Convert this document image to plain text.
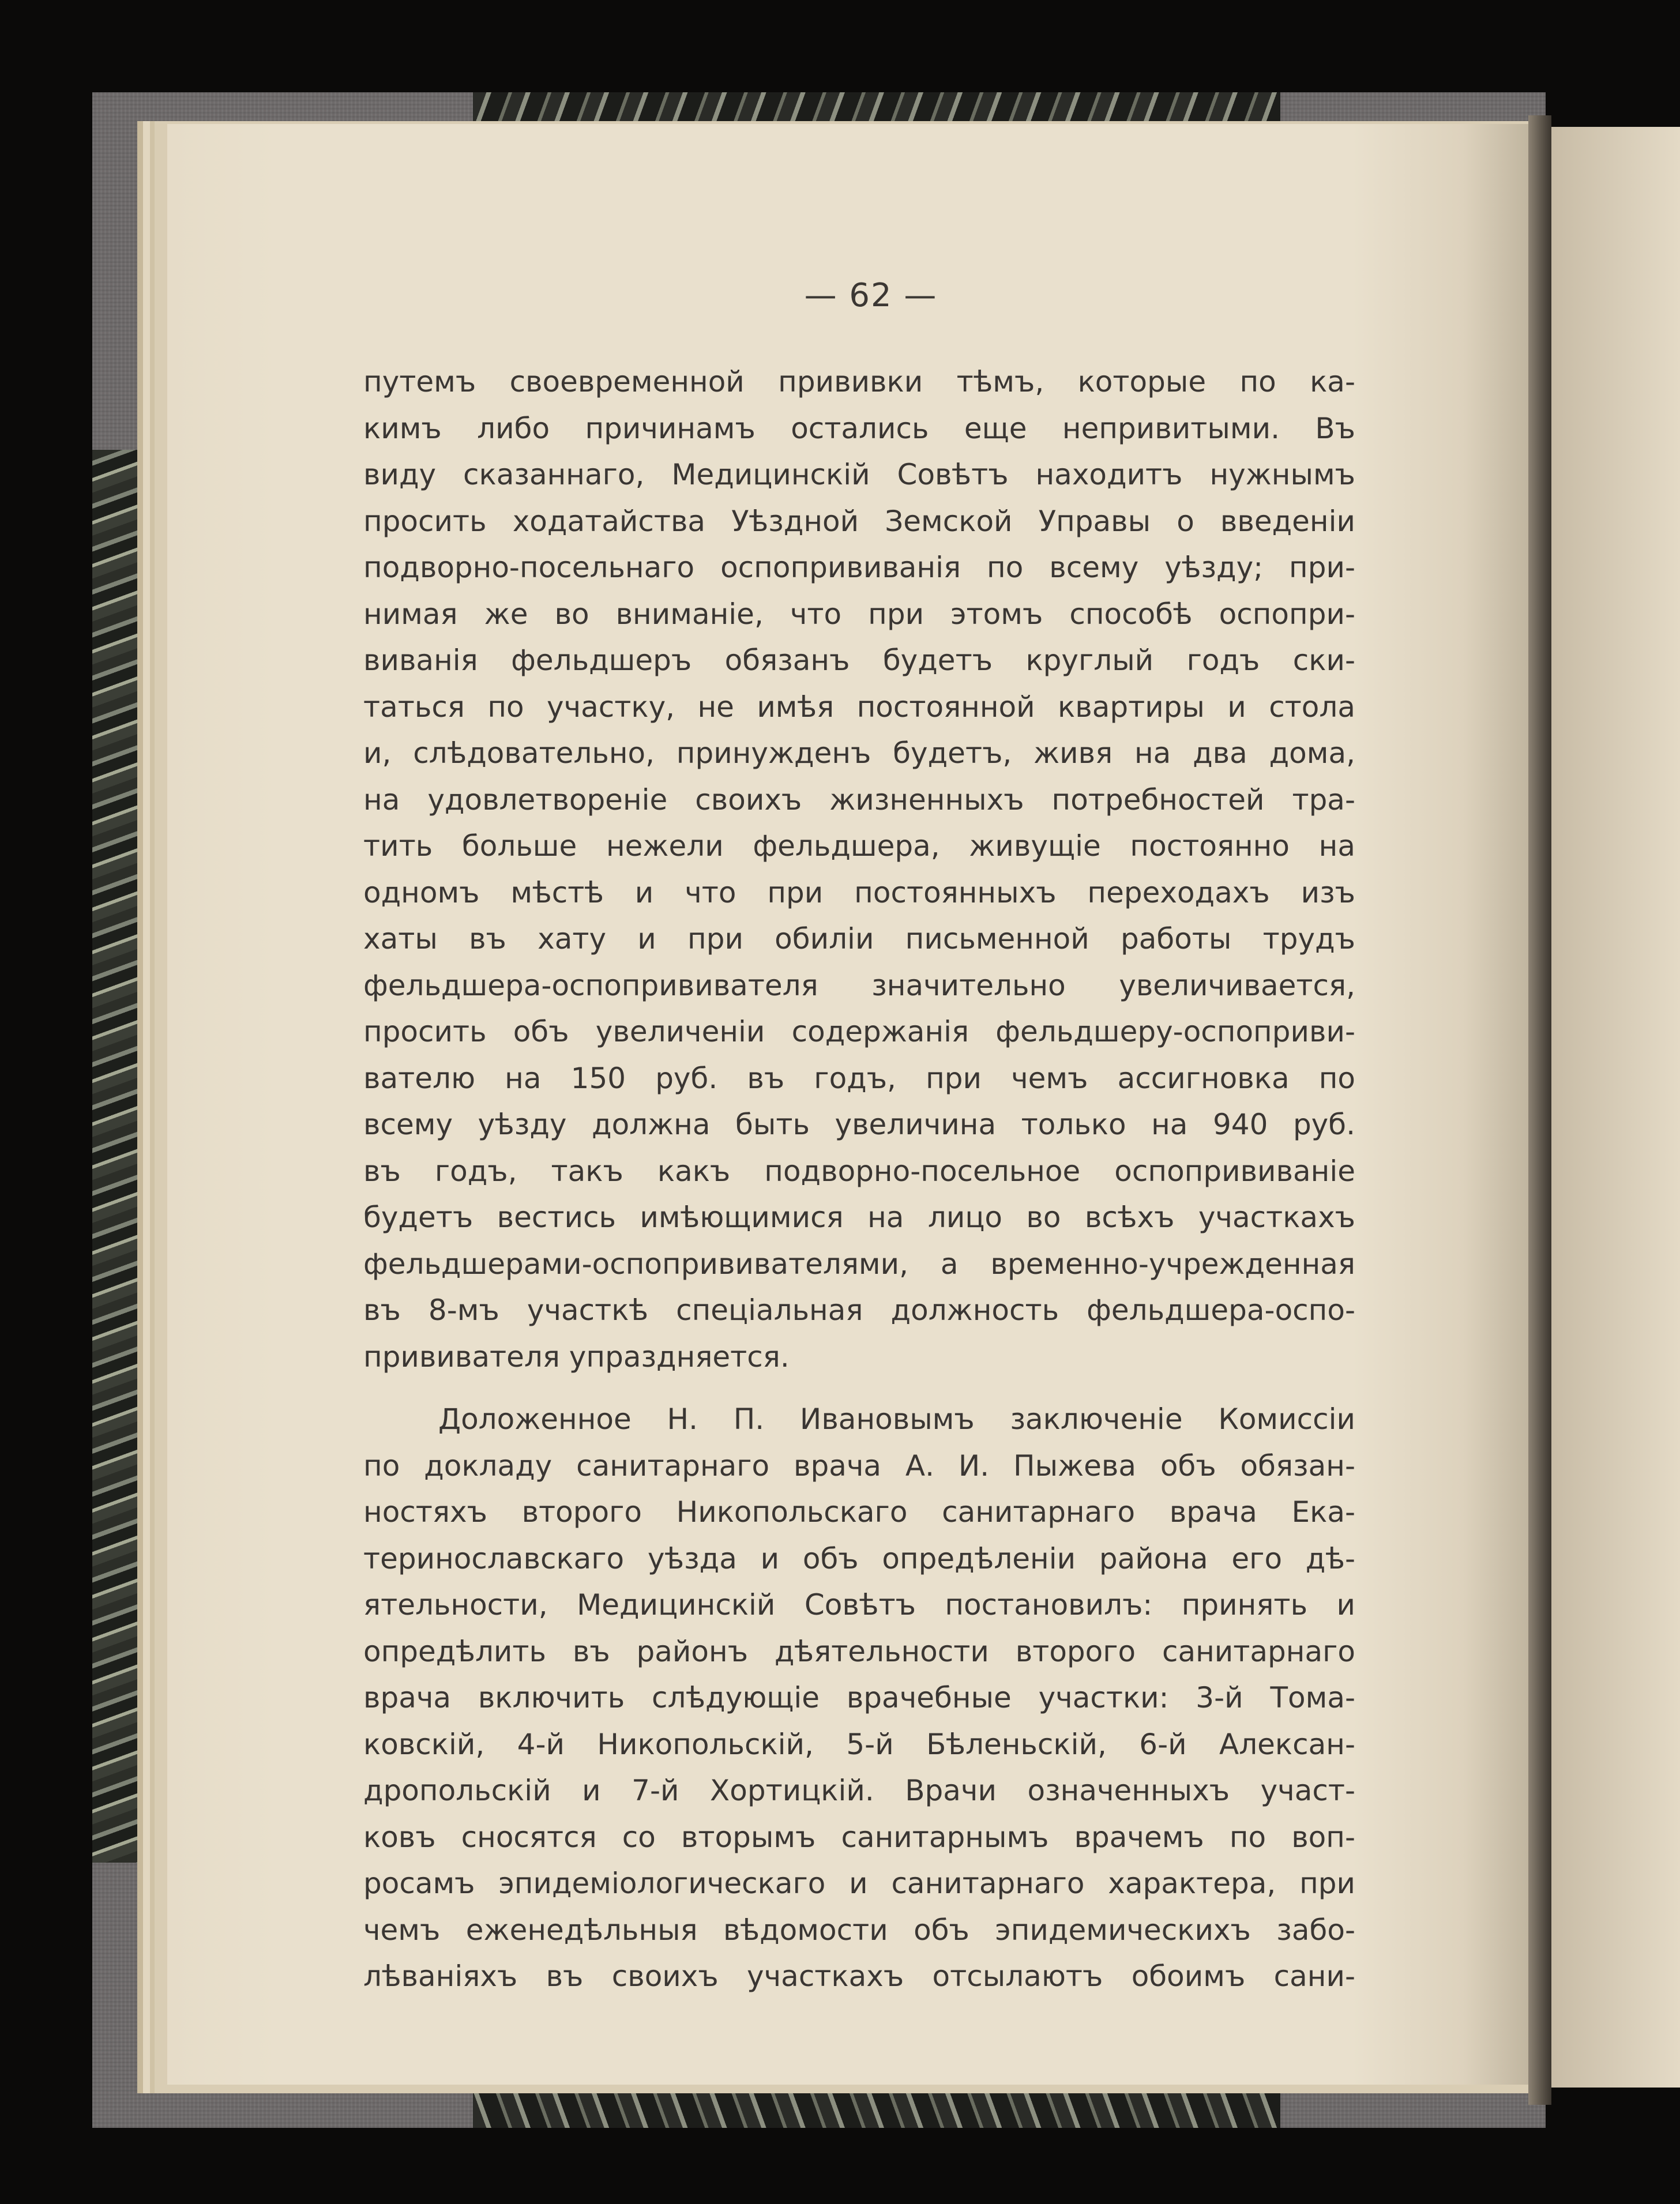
— 62 —
путемъ своевременной прививки тѣмъ, которые по ка-
кимъ либо причинамъ остались еще непривитыми. Въ
виду сказаннаго, Медицинскій Совѣтъ находитъ нужнымъ
просить ходатайства Уѣздной Земской Управы о введеніи
подворно-посельнаго оспопрививанія по всему уѣзду; при-
нимая же во вниманіе, что при этомъ способѣ оспопри-
виванія фельдшеръ обязанъ будетъ круглый годъ ски-
таться по участку, не имѣя постоянной квартиры и стола
и, слѣдовательно, принужденъ будетъ, живя на два дома,
на удовлетвореніе своихъ жизненныхъ потребностей тра-
тить больше нежели фельдшера, живущіе постоянно на
одномъ мѣстѣ и что при постоянныхъ переходахъ изъ
хаты въ хату и при обиліи письменной работы трудъ
фельдшера-оспопрививателя значительно увеличивается,
просить объ увеличеніи содержанія фельдшеру-оспоприви-
вателю на 150 руб. въ годъ, при чемъ ассигновка по
всему уѣзду должна быть увеличина только на 940 руб.
въ годъ, такъ какъ подворно-посельное оспопрививаніе
будетъ вестись имѣющимися на лицо во всѣхъ участкахъ
фельдшерами-оспопрививателями, а временно-учрежденная
въ 8-мъ участкѣ спеціальная должность фельдшера-оспо-
прививателя упраздняется.
Доложенное Н. П. Ивановымъ заключеніе Комиссіи
по докладу санитарнаго врача А. И. Пыжева объ обязан-
ностяхъ второго Никопольскаго санитарнаго врача Ека-
теринославскаго уѣзда и объ опредѣленіи района его дѣ-
ятельности, Медицинскій Совѣтъ постановилъ: принять и
опредѣлить въ районъ дѣятельности второго санитарнаго
врача включить слѣдующіе врачебные участки: 3-й Тома-
ковскій, 4-й Никопольскій, 5-й Бѣленьскій, 6-й Алексан-
дропольскій и 7-й Хортицкій. Врачи означенныхъ участ-
ковъ сносятся со вторымъ санитарнымъ врачемъ по воп-
росамъ эпидеміологическаго и санитарнаго характера, при
чемъ еженедѣльныя вѣдомости объ эпидемическихъ забо-
лѣваніяхъ въ своихъ участкахъ отсылаютъ обоимъ сани-
